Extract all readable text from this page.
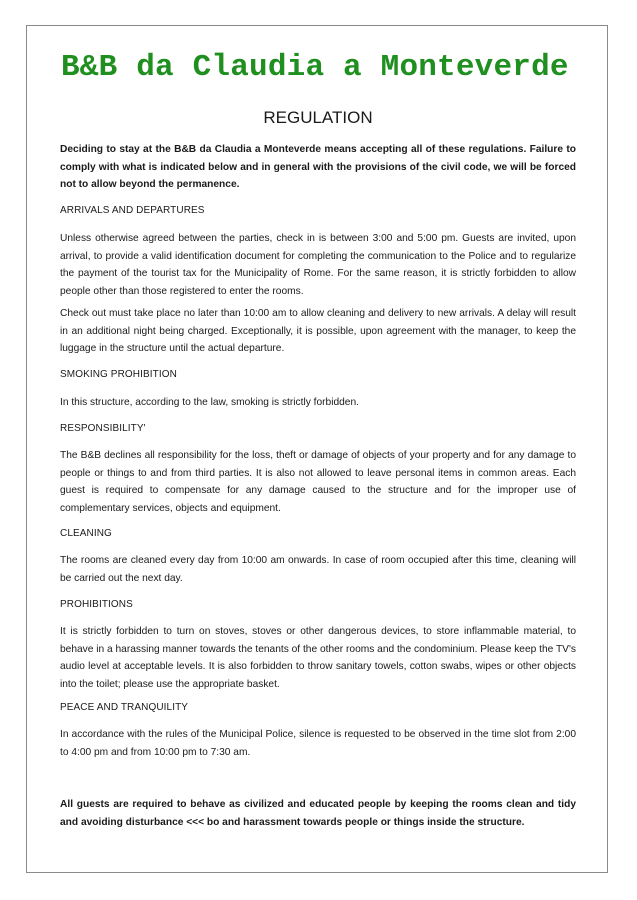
B&B da Claudia a Monteverde
REGULATION
Deciding to stay at the B&B da Claudia a Monteverde means accepting all of these regulations. Failure to comply with what is indicated below and in general with the provisions of the civil code, we will be forced not to allow beyond the permanence.
ARRIVALS AND DEPARTURES
Unless otherwise agreed between the parties, check in is between 3:00 and 5:00 pm. Guests are invited, upon arrival, to provide a valid identification document for completing the communication to the Police and to regularize the payment of the tourist tax for the Municipality of Rome. For the same reason, it is strictly forbidden to allow people other than those registered to enter the rooms.
Check out must take place no later than 10:00 am to allow cleaning and delivery to new arrivals. A delay will result in an additional night being charged. Exceptionally, it is possible, upon agreement with the manager, to keep the luggage in the structure until the actual departure.
SMOKING PROHIBITION
In this structure, according to the law, smoking is strictly forbidden.
RESPONSIBILITY'
The B&B declines all responsibility for the loss, theft or damage of objects of your property and for any damage to people or things to and from third parties. It is also not allowed to leave personal items in common areas. Each guest is required to compensate for any damage caused to the structure and for the improper use of complementary services, objects and equipment.
CLEANING
The rooms are cleaned every day from 10:00 am onwards. In case of room occupied after this time, cleaning will be carried out the next day.
PROHIBITIONS
It is strictly forbidden to turn on stoves, stoves or other dangerous devices, to store inflammable material, to behave in a harassing manner towards the tenants of the other rooms and the condominium. Please keep the TV's audio level at acceptable levels. It is also forbidden to throw sanitary towels, cotton swabs, wipes or other objects into the toilet; please use the appropriate basket.
PEACE AND TRANQUILITY
In accordance with the rules of the Municipal Police, silence is requested to be observed in the time slot from 2:00 to 4:00 pm and from 10:00 pm to 7:30 am.
All guests are required to behave as civilized and educated people by keeping the rooms clean and tidy and avoiding disturbance <<< bo and harassment towards people or things inside the structure.
